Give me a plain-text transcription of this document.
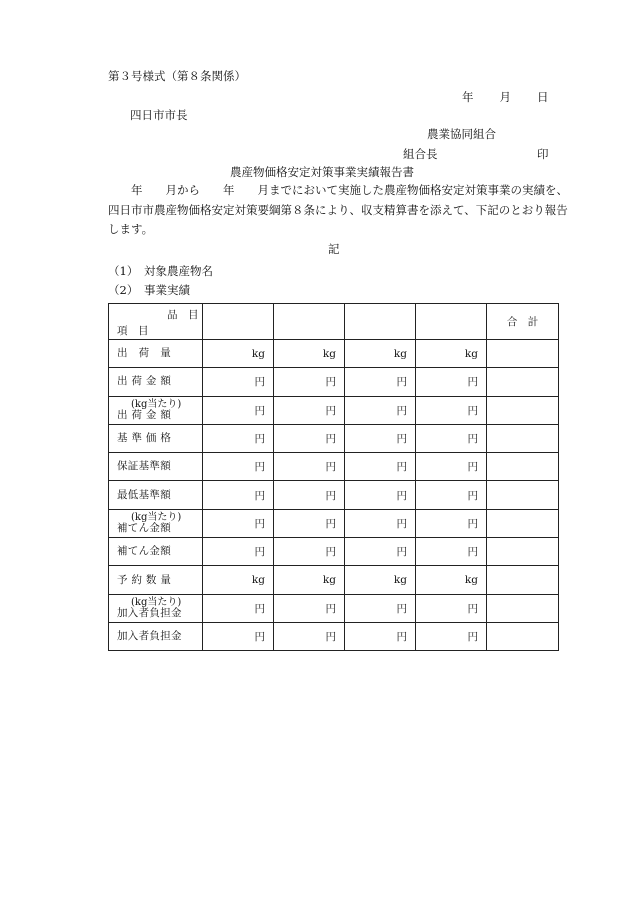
第３号様式（第８条関係）
年 月 日
四日市市長
農業協同組合
組合長	印
農産物価格安定対策事業実績報告書
　　年　　月から　　年　　月までにおいて実施した農産物価格安定対策事業の実績を、四日市市農産物価格安定対策要綱第８条により、収支精算書を添えて、下記のとおり報告します。
記
（1） 対象農産物名
（2） 事業実績
品　目
項　目					合　計

出　荷　量	kg	kg	kg	kg	

出 荷 金 額	円	円	円	円	

(kg当たり)
出 荷 金 額	円	円	円	円	

基 準 価 格	円	円	円	円	

保証基準額	円	円	円	円	

最低基準額	円	円	円	円	

(kg当たり)
補てん金額	円	円	円	円	

補てん金額	円	円	円	円	

予 約 数 量	kg	kg	kg	kg	

(kg当たり)
加入者負担金	円	円	円	円	

加入者負担金	円	円	円	円	
